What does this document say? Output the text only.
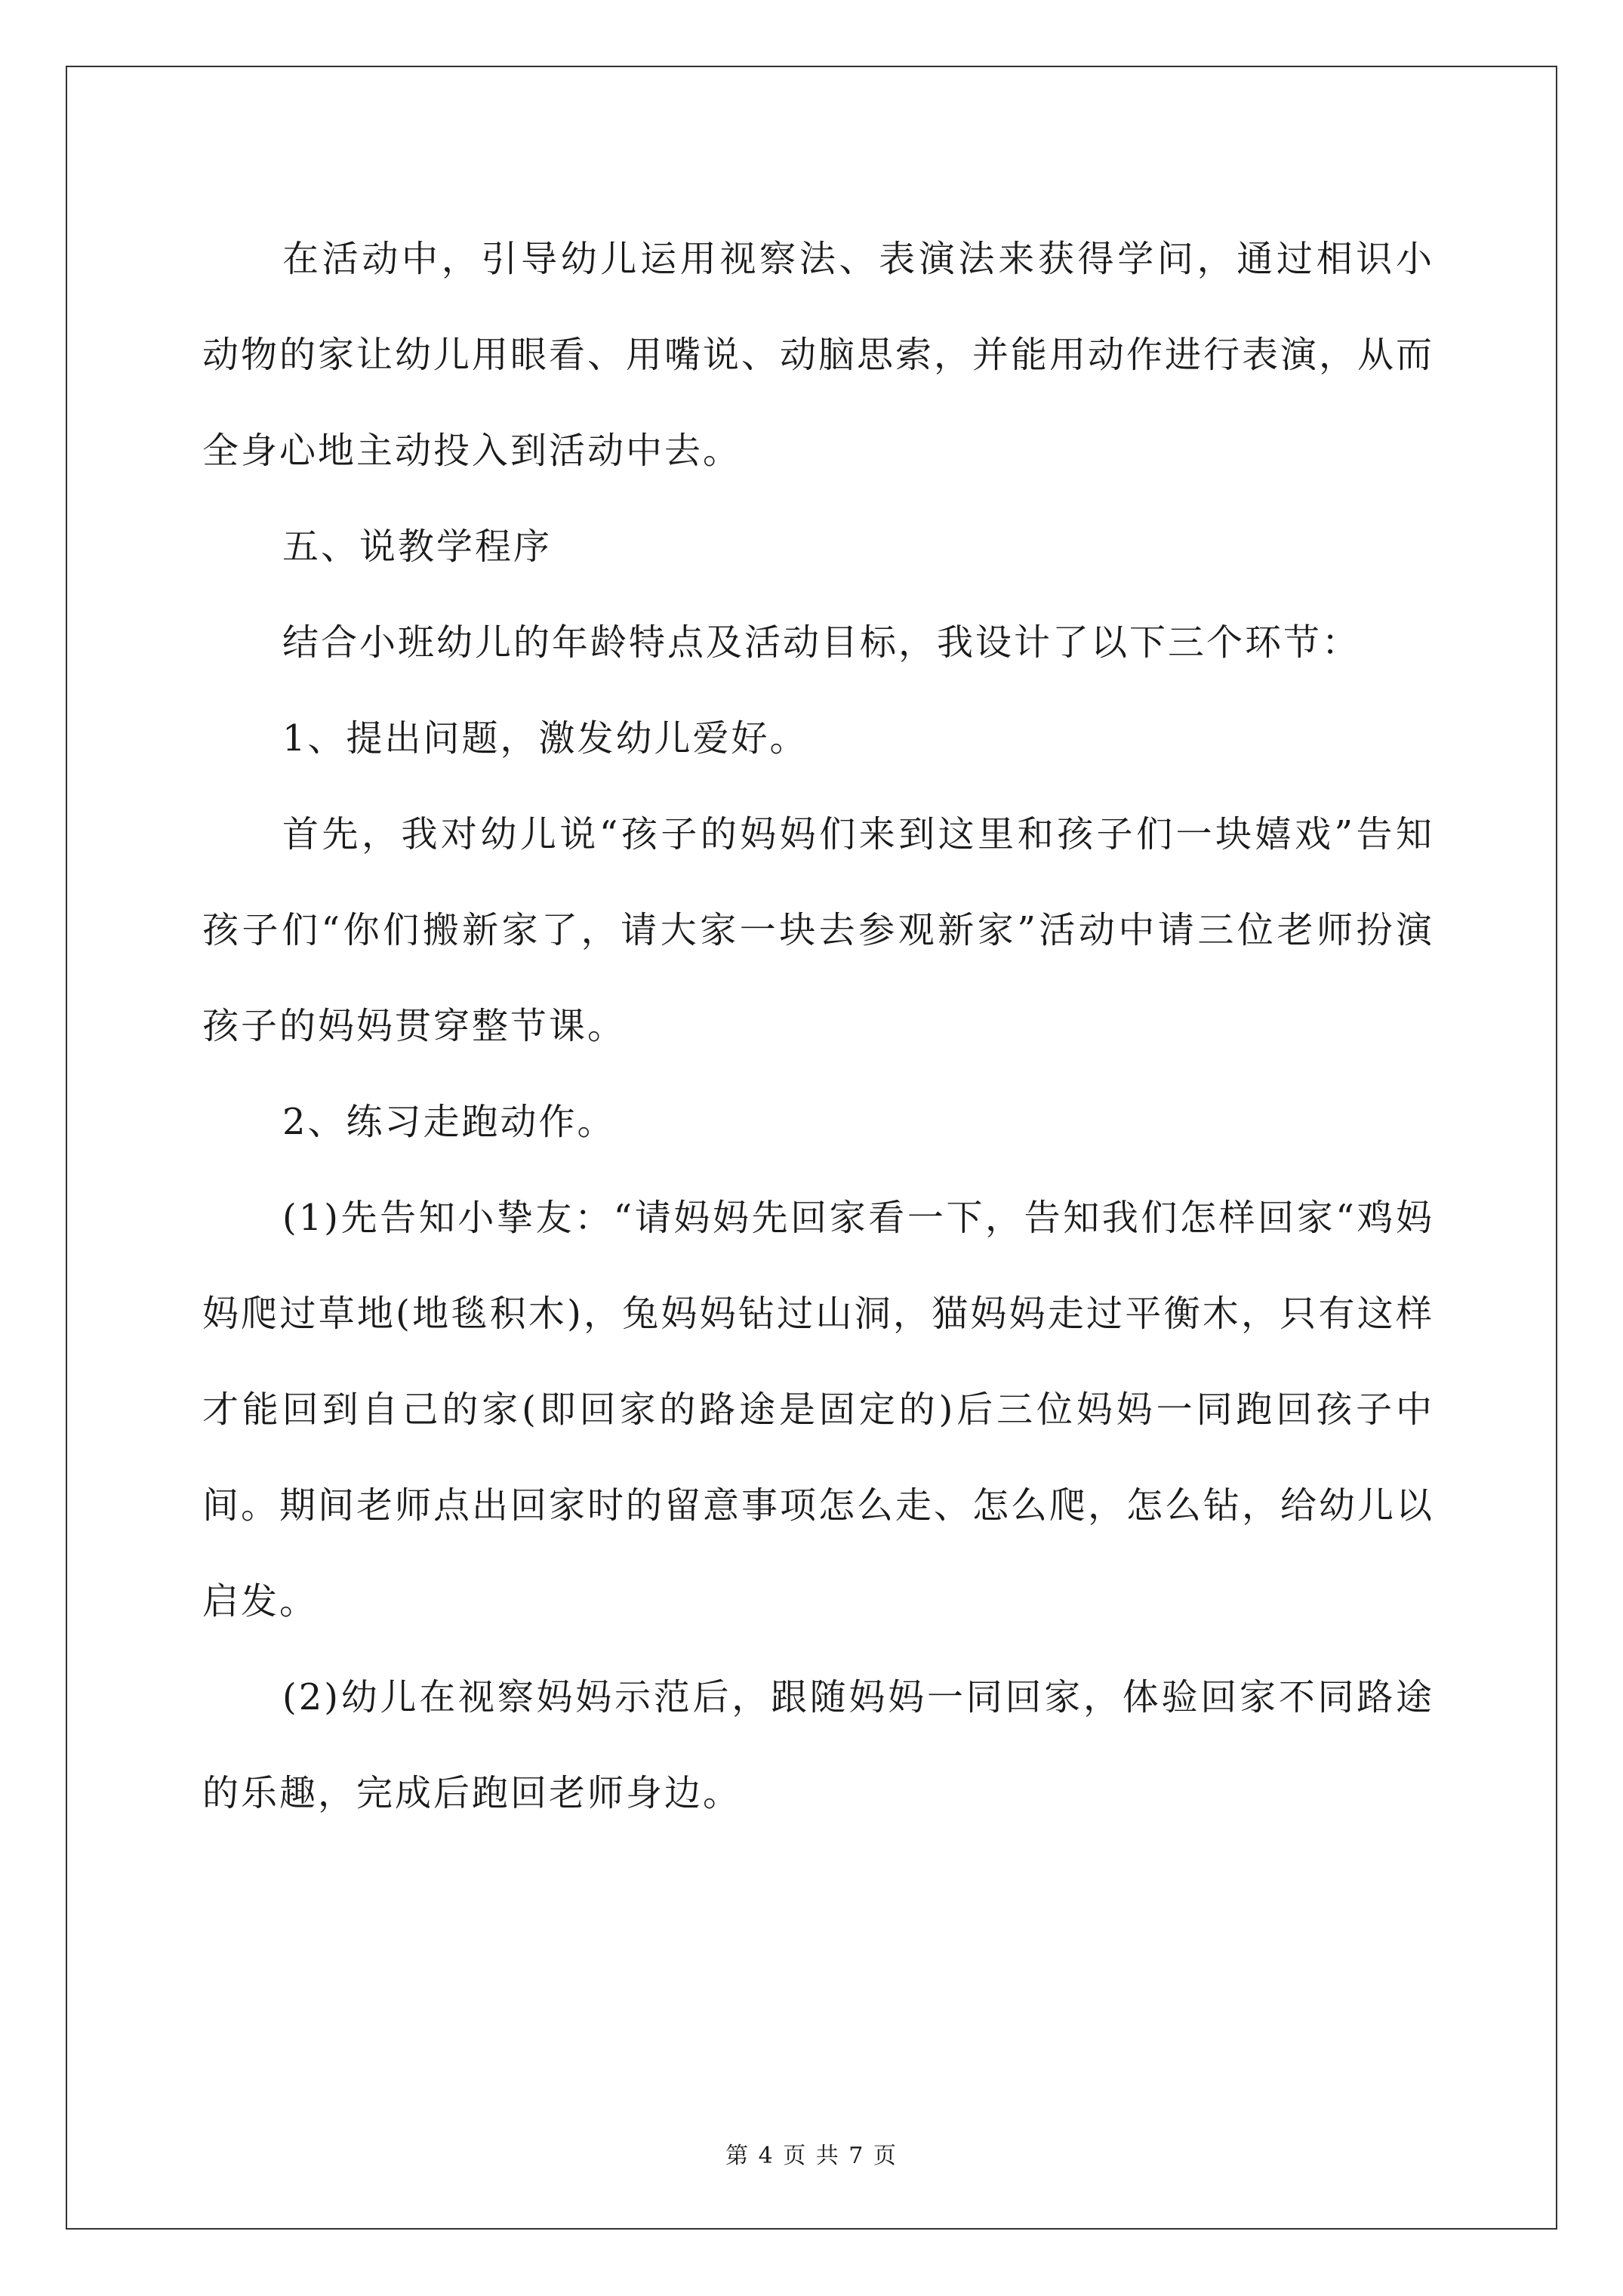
在活动中，引导幼儿运用视察法、表演法来获得学问，通过相识小动物的家让幼儿用眼看、用嘴说、动脑思索，并能用动作进行表演，从而全身心地主动投入到活动中去。

五、说教学程序

结合小班幼儿的年龄特点及活动目标，我设计了以下三个环节：

1、提出问题，激发幼儿爱好。

首先，我对幼儿说“孩子的妈妈们来到这里和孩子们一块嬉戏”告知孩子们“你们搬新家了，请大家一块去参观新家”活动中请三位老师扮演孩子的妈妈贯穿整节课。

2、练习走跑动作。

(1)先告知小挚友：“请妈妈先回家看一下，告知我们怎样回家“鸡妈妈爬过草地(地毯积木)，兔妈妈钻过山洞，猫妈妈走过平衡木，只有这样才能回到自己的家(即回家的路途是固定的)后三位妈妈一同跑回孩子中间。期间老师点出回家时的留意事项怎么走、怎么爬，怎么钻，给幼儿以启发。

(2)幼儿在视察妈妈示范后，跟随妈妈一同回家，体验回家不同路途的乐趣，完成后跑回老师身边。

第 4 页 共 7 页
